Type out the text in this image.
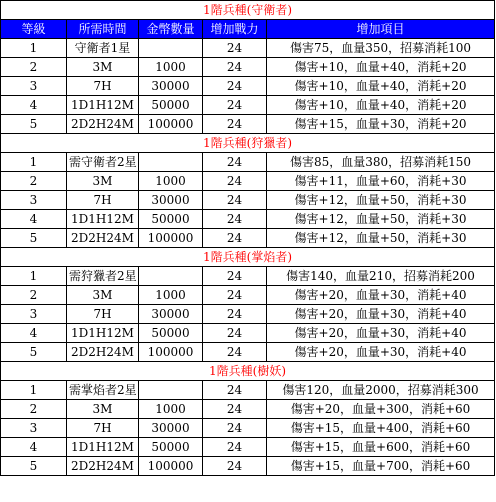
1階兵種(守衛者)				
等級	所需時間	金幣數量	增加戰力	增加項目
1	守衛者1星		24	傷害75，血量350，招募消耗100
2	3M	1000	24	傷害+10，血量+40，消耗+20
3	7H	30000	24	傷害+10，血量+40，消耗+20
4	1D1H12M	50000	24	傷害+10，血量+40，消耗+20
5	2D2H24M	100000	24	傷害+15，血量+30，消耗+20
1階兵種(狩獵者)				
1	需守衛者2星		24	傷害85，血量380，招募消耗150
2	3M	1000	24	傷害+11，血量+60，消耗+30
3	7H	30000	24	傷害+12，血量+50，消耗+30
4	1D1H12M	50000	24	傷害+12，血量+50，消耗+30
5	2D2H24M	100000	24	傷害+12，血量+50，消耗+30
1階兵種(掌焰者)				
1	需狩獵者2星		24	傷害140，血量210，招募消耗200
2	3M	1000	24	傷害+20，血量+30，消耗+40
3	7H	30000	24	傷害+20，血量+30，消耗+40
4	1D1H12M	50000	24	傷害+20，血量+30，消耗+40
5	2D2H24M	100000	24	傷害+20，血量+30，消耗+40
1階兵種(樹妖)				
1	需掌焰者2星		24	傷害120，血量2000，招募消耗300
2	3M	1000	24	傷害+20，血量+300，消耗+60
3	7H	30000	24	傷害+15，血量+400，消耗+60
4	1D1H12M	50000	24	傷害+15，血量+600，消耗+60
5	2D2H24M	100000	24	傷害+15，血量+700，消耗+60
